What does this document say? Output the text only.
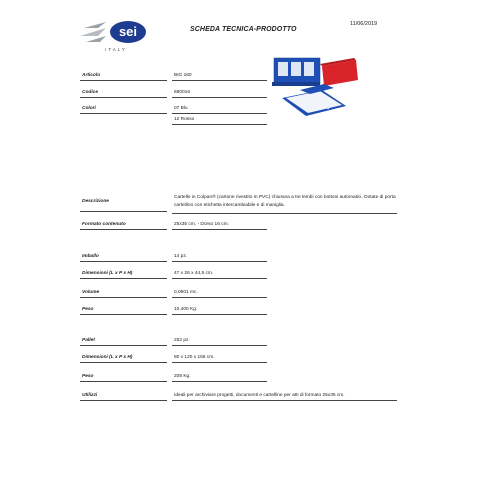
sei
ITALY
SCHEDA TECNICA-PRODOTTO
11/06/2019
Articolo	BIG 160
Codice	680016
Colori	07 Blu
12 Rosso
Descrizione
Cartelle in Colpan® (cartone rivestito in PVC) chiusura a tre lembi con bottoni automatici. Dotate di porta cartellino con etichetta intercambiabile e di maniglia.
Formato contenuto	25x35 cm. - Dorso 16 cm.
Imballo	14 pz.
Dimensioni (L x P x H)	47 x 26 x 44,5 cm.
Volume	0,0601 mc.
Peso	10,400 Kg.
Pallet	252 pz.
Dimensioni (L x P x H)	80 x 120 x 155 cm.
Peso	208 Kg.
Utilizzi	Ideali per archiviare progetti, documenti e cartelline per atti di formato 25x35 cm.
